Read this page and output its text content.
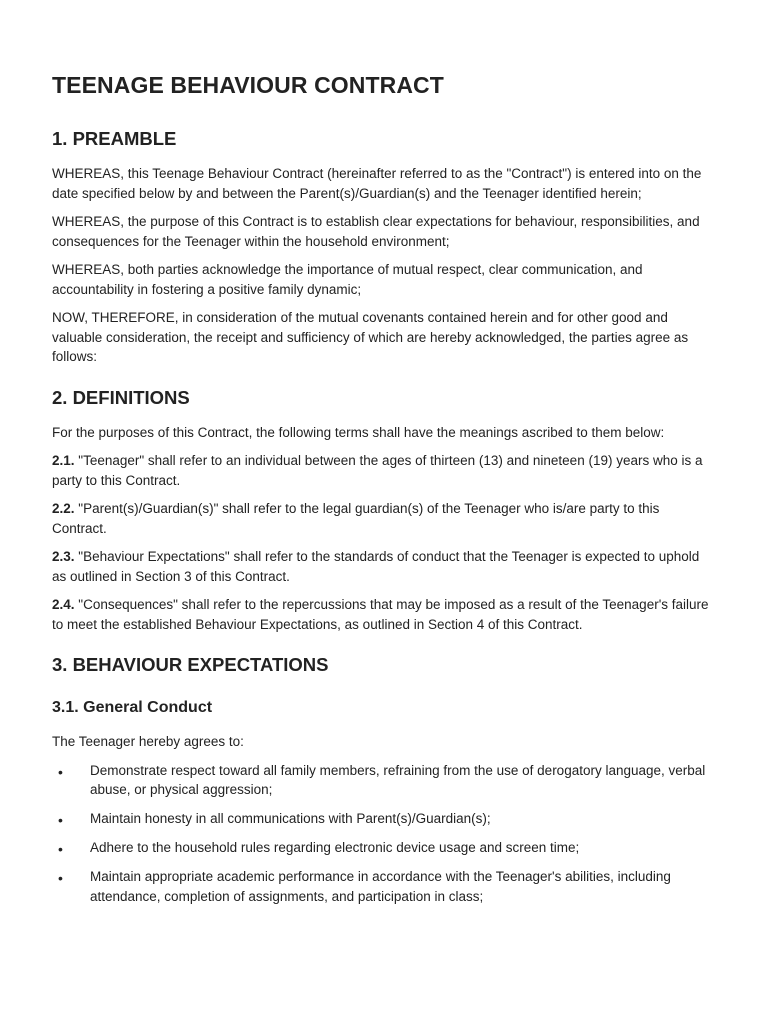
TEENAGE BEHAVIOUR CONTRACT
1. PREAMBLE

WHEREAS, this Teenage Behaviour Contract (hereinafter referred to as the "Contract") is entered into on the date specified below by and between the Parent(s)/Guardian(s) and the Teenager identified herein;

WHEREAS, the purpose of this Contract is to establish clear expectations for behaviour, responsibilities, and consequences for the Teenager within the household environment;

WHEREAS, both parties acknowledge the importance of mutual respect, clear communication, and accountability in fostering a positive family dynamic;

NOW, THEREFORE, in consideration of the mutual covenants contained herein and for other good and valuable consideration, the receipt and sufficiency of which are hereby acknowledged, the parties agree as follows:

2. DEFINITIONS

For the purposes of this Contract, the following terms shall have the meanings ascribed to them below:

2.1. "Teenager" shall refer to an individual between the ages of thirteen (13) and nineteen (19) years who is a party to this Contract.

2.2. "Parent(s)/Guardian(s)" shall refer to the legal guardian(s) of the Teenager who is/are party to this Contract.

2.3. "Behaviour Expectations" shall refer to the standards of conduct that the Teenager is expected to uphold as outlined in Section 3 of this Contract.

2.4. "Consequences" shall refer to the repercussions that may be imposed as a result of the Teenager's failure to meet the established Behaviour Expectations, as outlined in Section 4 of this Contract.

3. BEHAVIOUR EXPECTATIONS
3.1. General Conduct

The Teenager hereby agrees to:

• Demonstrate respect toward all family members, refraining from the use of derogatory language, verbal abuse, or physical aggression;
• Maintain honesty in all communications with Parent(s)/Guardian(s);
• Adhere to the household rules regarding electronic device usage and screen time;
• Maintain appropriate academic performance in accordance with the Teenager's abilities, including attendance, completion of assignments, and participation in class;
